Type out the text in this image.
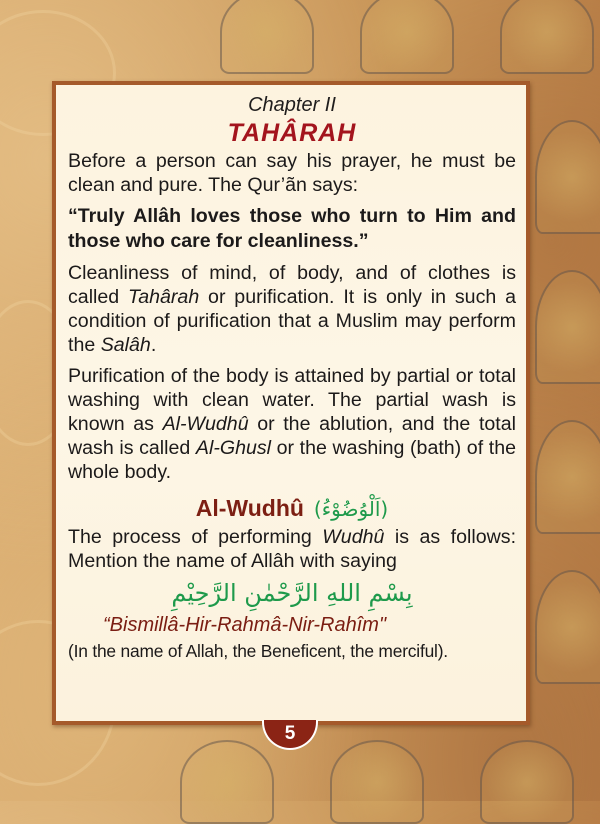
Chapter II
TAHÂRAH

Before a person can say his prayer, he must be clean and pure. The Qur’ãn says:

“Truly Allâh loves those who turn to Him and those who care for cleanliness.”

Cleanliness of mind, of body, and of clothes is called Tahârah or purification. It is only in such a condition of purification that a Muslim may perform the Salâh.

Purification of the body is attained by partial or total washing with clean water. The partial wash is known as Al-Wudhû or the ablution, and the total wash is called Al-Ghusl or the washing (bath) of the whole body.

Al-Wudhû (اَلْوُضُوْءُ)

The process of performing Wudhû is as follows: Mention the name of Allâh with saying

بِسْمِ اللهِ الرَّحْمٰنِ الرَّحِيْمِ
“Bismillâ-Hir-Rahmâ-Nir-Rahîm"
(In the name of Allah, the Beneficent, the merciful).
5
